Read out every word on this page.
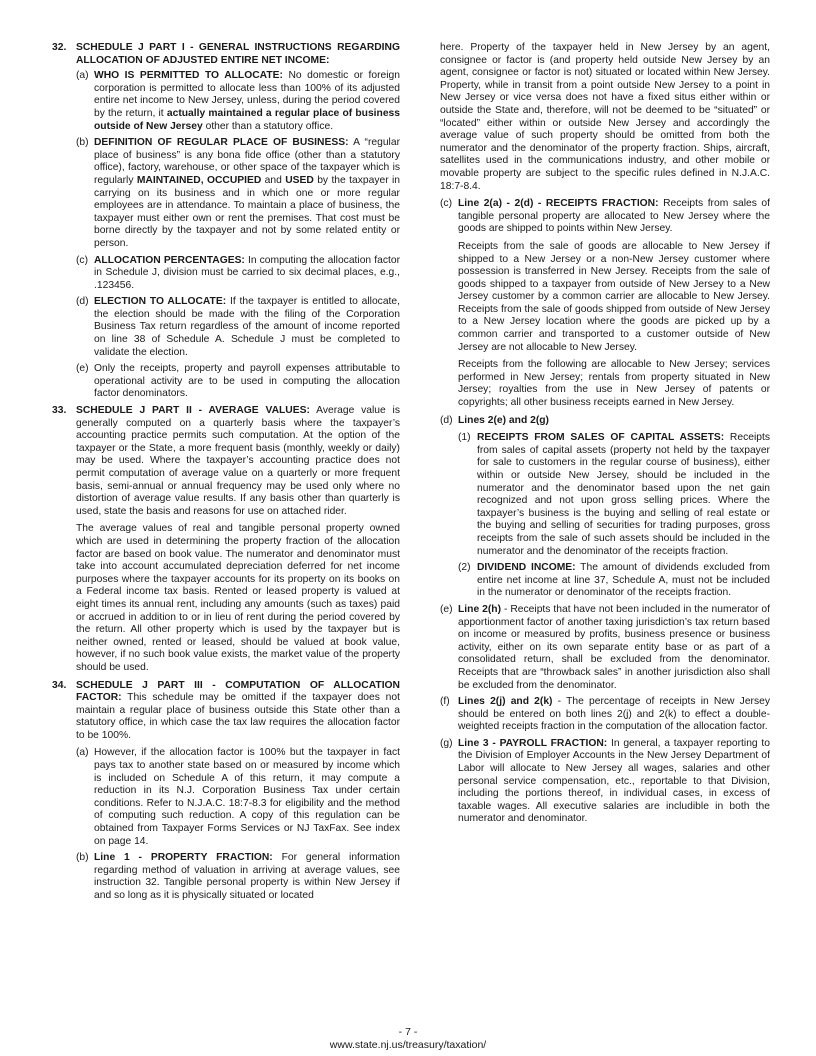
32. SCHEDULE J PART I - GENERAL INSTRUCTIONS REGARDING ALLOCATION OF ADJUSTED ENTIRE NET INCOME:

(a) WHO IS PERMITTED TO ALLOCATE: No domestic or foreign corporation is permitted to allocate less than 100% of its adjusted entire net income to New Jersey, unless, during the period covered by the return, it actually maintained a regular place of business outside of New Jersey other than a statutory office.

(b) DEFINITION OF REGULAR PLACE OF BUSINESS: A “regular place of business” is any bona fide office (other than a statutory office), factory, warehouse, or other space of the taxpayer which is regularly MAINTAINED, OCCUPIED and USED by the taxpayer in carrying on its business and in which one or more regular employees are in attendance. To maintain a place of business, the taxpayer must either own or rent the premises. That cost must be borne directly by the taxpayer and not by some related entity or person.

(c) ALLOCATION PERCENTAGES: In computing the allocation factor in Schedule J, division must be carried to six decimal places, e.g., .123456.

(d) ELECTION TO ALLOCATE: If the taxpayer is entitled to allocate, the election should be made with the filing of the Corporation Business Tax return regardless of the amount of income reported on line 38 of Schedule A. Schedule J must be completed to validate the election.

(e) Only the receipts, property and payroll expenses attributable to operational activity are to be used in computing the allocation factor denominators.

33. SCHEDULE J PART II - AVERAGE VALUES: Average value is generally computed on a quarterly basis where the taxpayer’s accounting practice permits such computation. At the option of the taxpayer or the State, a more frequent basis (monthly, weekly or daily) may be used. Where the taxpayer’s accounting practice does not permit computation of average value on a quarterly or more frequent basis, semi-annual or annual frequency may be used only where no distortion of average value results. If any basis other than quarterly is used, state the basis and reasons for use on attached rider.

The average values of real and tangible personal property owned which are used in determining the property fraction of the allocation factor are based on book value. The numerator and denominator must take into account accumulated depreciation deferred for net income purposes where the taxpayer accounts for its property on its books on a Federal income tax basis. Rented or leased property is valued at eight times its annual rent, including any amounts (such as taxes) paid or accrued in addition to or in lieu of rent during the period covered by the return. All other property which is used by the taxpayer but is neither owned, rented or leased, should be valued at book value, however, if no such book value exists, the market value of the property should be used.

34. SCHEDULE J PART III - COMPUTATION OF ALLOCATION FACTOR: This schedule may be omitted if the taxpayer does not maintain a regular place of business outside this State other than a statutory office, in which case the tax law requires the allocation factor to be 100%.

(a) However, if the allocation factor is 100% but the taxpayer in fact pays tax to another state based on or measured by income which is included on Schedule A of this return, it may compute a reduction in its N.J. Corporation Business Tax under certain conditions. Refer to N.J.A.C. 18:7-8.3 for eligibility and the method of computing such reduction. A copy of this regulation can be obtained from Taxpayer Forms Services or NJ TaxFax. See index on page 14.

(b) Line 1 - PROPERTY FRACTION: For general information regarding method of valuation in arriving at average values, see instruction 32. Tangible personal property is within New Jersey if and so long as it is physically situated or located

here. Property of the taxpayer held in New Jersey by an agent, consignee or factor is (and property held outside New Jersey by an agent, consignee or factor is not) situated or located within New Jersey. Property, while in transit from a point outside New Jersey to a point in New Jersey or vice versa does not have a fixed situs either within or outside the State and, therefore, will not be deemed to be “situated” or “located” either within or outside New Jersey and accordingly the average value of such property should be omitted from both the numerator and the denominator of the property fraction. Ships, aircraft, satellites used in the communications industry, and other mobile or movable property are subject to the specific rules defined in N.J.A.C. 18:7-8.4.

(c) Line 2(a) - 2(d) - RECEIPTS FRACTION: Receipts from sales of tangible personal property are allocated to New Jersey where the goods are shipped to points within New Jersey.

Receipts from the sale of goods are allocable to New Jersey if shipped to a New Jersey or a non-New Jersey customer where possession is transferred in New Jersey. Receipts from the sale of goods shipped to a taxpayer from outside of New Jersey to a New Jersey customer by a common carrier are allocable to New Jersey. Receipts from the sale of goods shipped from outside of New Jersey to a New Jersey location where the goods are picked up by a common carrier and transported to a customer outside of New Jersey are not allocable to New Jersey.

Receipts from the following are allocable to New Jersey; services performed in New Jersey; rentals from property situated in New Jersey; royalties from the use in New Jersey of patents or copyrights; all other business receipts earned in New Jersey.

(d) Lines 2(e) and 2(g)

(1) RECEIPTS FROM SALES OF CAPITAL ASSETS: Receipts from sales of capital assets (property not held by the taxpayer for sale to customers in the regular course of business), either within or outside New Jersey, should be included in the numerator and the denominator based upon the net gain recognized and not upon gross selling prices. Where the taxpayer’s business is the buying and selling of real estate or the buying and selling of securities for trading purposes, gross receipts from the sale of such assets should be included in the numerator and the denominator of the receipts fraction.

(2) DIVIDEND INCOME: The amount of dividends excluded from entire net income at line 37, Schedule A, must not be included in the numerator or denominator of the receipts fraction.

(e) Line 2(h) - Receipts that have not been included in the numerator of apportionment factor of another taxing jurisdiction’s tax return based on income or measured by profits, business presence or business activity, either on its own separate entity base or as part of a consolidated return, shall be excluded from the denominator. Receipts that are “throwback sales” in another jurisdiction also shall be excluded from the denominator.

(f) Lines 2(j) and 2(k) - The percentage of receipts in New Jersey should be entered on both lines 2(j) and 2(k) to effect a double-weighted receipts fraction in the computation of the allocation factor.

(g) Line 3 - PAYROLL FRACTION: In general, a taxpayer reporting to the Division of Employer Accounts in the New Jersey Department of Labor will allocate to New Jersey all wages, salaries and other personal service compensation, etc., reportable to that Division, including the portions thereof, in individual cases, in excess of taxable wages. All executive salaries are includible in both the numerator and denominator.

- 7 -
www.state.nj.us/treasury/taxation/
